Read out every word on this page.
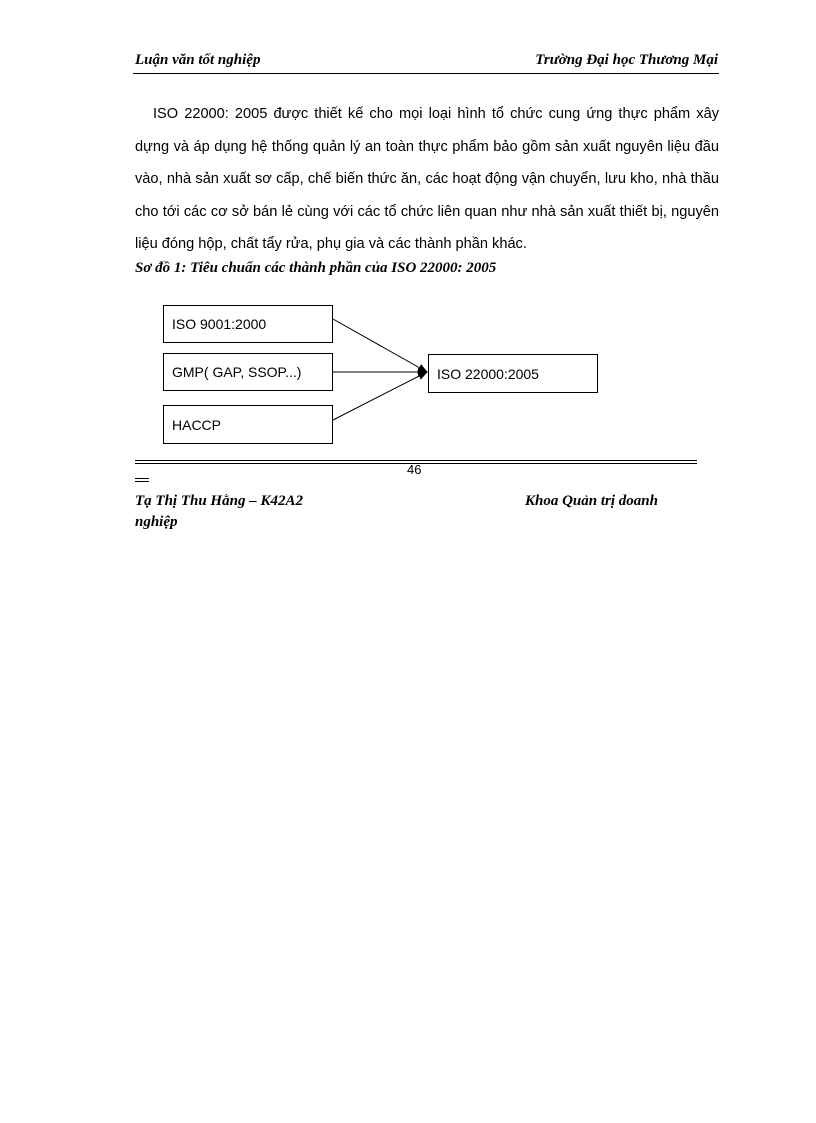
Luận văn tốt nghiệp	Trường Đại học Thương Mại

ISO 22000: 2005 được thiết kế cho mọi loại hình tổ chức cung ứng thực phẩm xây dựng và áp dụng hệ thống quản lý an toàn thực phẩm bảo gồm sản xuất nguyên liệu đầu vào, nhà sản xuất sơ cấp, chế biến thức ăn, các hoạt động vận chuyển, lưu kho, nhà thầu cho tới các cơ sở bán lẻ cùng với các tổ chức liên quan như nhà sản xuất thiết bị, nguyên liệu đóng hộp, chất tẩy rửa, phụ gia và các thành phần khác.

Sơ đồ 1: Tiêu chuẩn các thành phần của ISO 22000: 2005
ISO 9001:2000
GMP( GAP, SSOP...)
HACCP
ISO 22000:2005
46
Tạ Thị Thu Hằng – K42A2	Khoa Quản trị doanh
nghiệp
